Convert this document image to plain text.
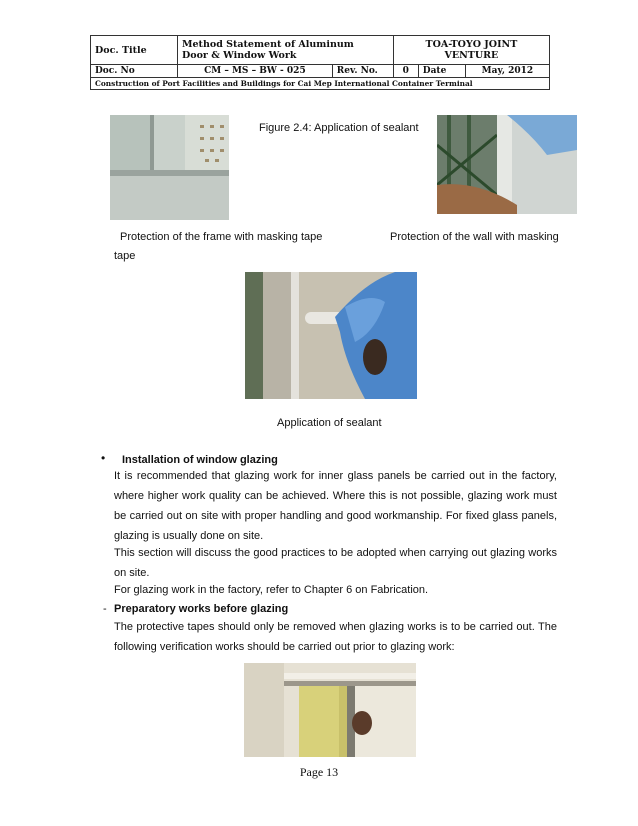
Doc. Title	Method Statement of Aluminum
Door & Window Work		TOA-TOYO JOINT VENTURE		
Doc. No	CM – MS – BW - 025	Rev. No.	0	Date	May, 2012
Construction of Port Facilities and Buildings for Cai Mep International Container Terminal					
Figure 2.4: Application of sealant
Protection of the frame with masking tape	Protection of the wall with masking
tape
Application of sealant
• Installation of window glazing
It is recommended that glazing work for inner glass panels be carried out in the factory, where higher work quality can be achieved. Where this is not possible, glazing work must be carried out on site with proper handling and good workmanship. For fixed glass panels, glazing is usually done on site.
This section will discuss the good practices to be adopted when carrying out glazing works on site.
For glazing work in the factory, refer to Chapter 6 on Fabrication.
- Preparatory works before glazing
The protective tapes should only be removed when glazing works is to be carried out. The following verification works should be carried out prior to glazing work:
Page 13
